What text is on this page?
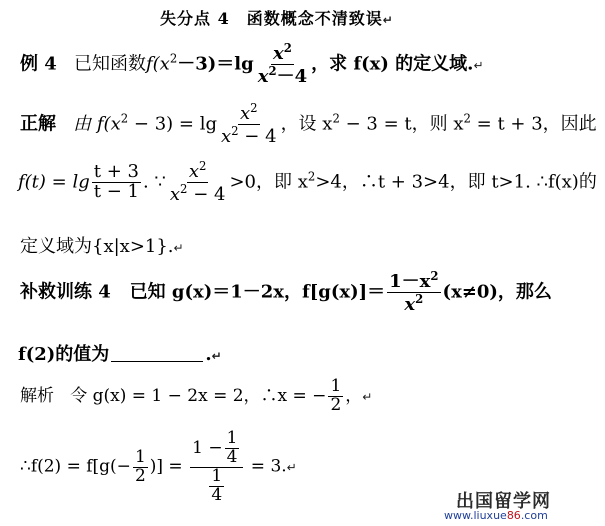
失分点 4　函数概念不清致误↵
例 4 已知函数$f(x^2-3)=\lg \frac{x^2}{x^2-4}$ ，求 f(x) 的定义域.↵
正解 由 $f(x^2 - 3) = \lg \frac{x^2}{x^2 - 4}$ ，设 $x^2 - 3 = t$，则 $x^2 = t + 3$，因此
$f(t) = \lg \frac{t + 3}{t - 1}$ . ∵ $\frac{x^2}{x^2 - 4} >0$，即 $x^2>4$，∴t + 3>4，即 t>1. ∴f(x)的
定义域为{x|x>1}.↵
补救训练 4 已知 g(x)＝1－2x，$f[g(x)]= \frac{1-x^2}{x^2} (x\ne 0)$，那么
f(2)的值为	.↵
解析 令 g(x) = 1 − 2x = 2，∴x = − $\frac{1}{2}$ ，↵
∴f(2) = $f[g(- \frac{1}{2}$ )] = $\frac{1 - \frac{1}{4}}{\frac{1}{4}}$ = 3.↵
出国留学网
www.liuxue86.com
